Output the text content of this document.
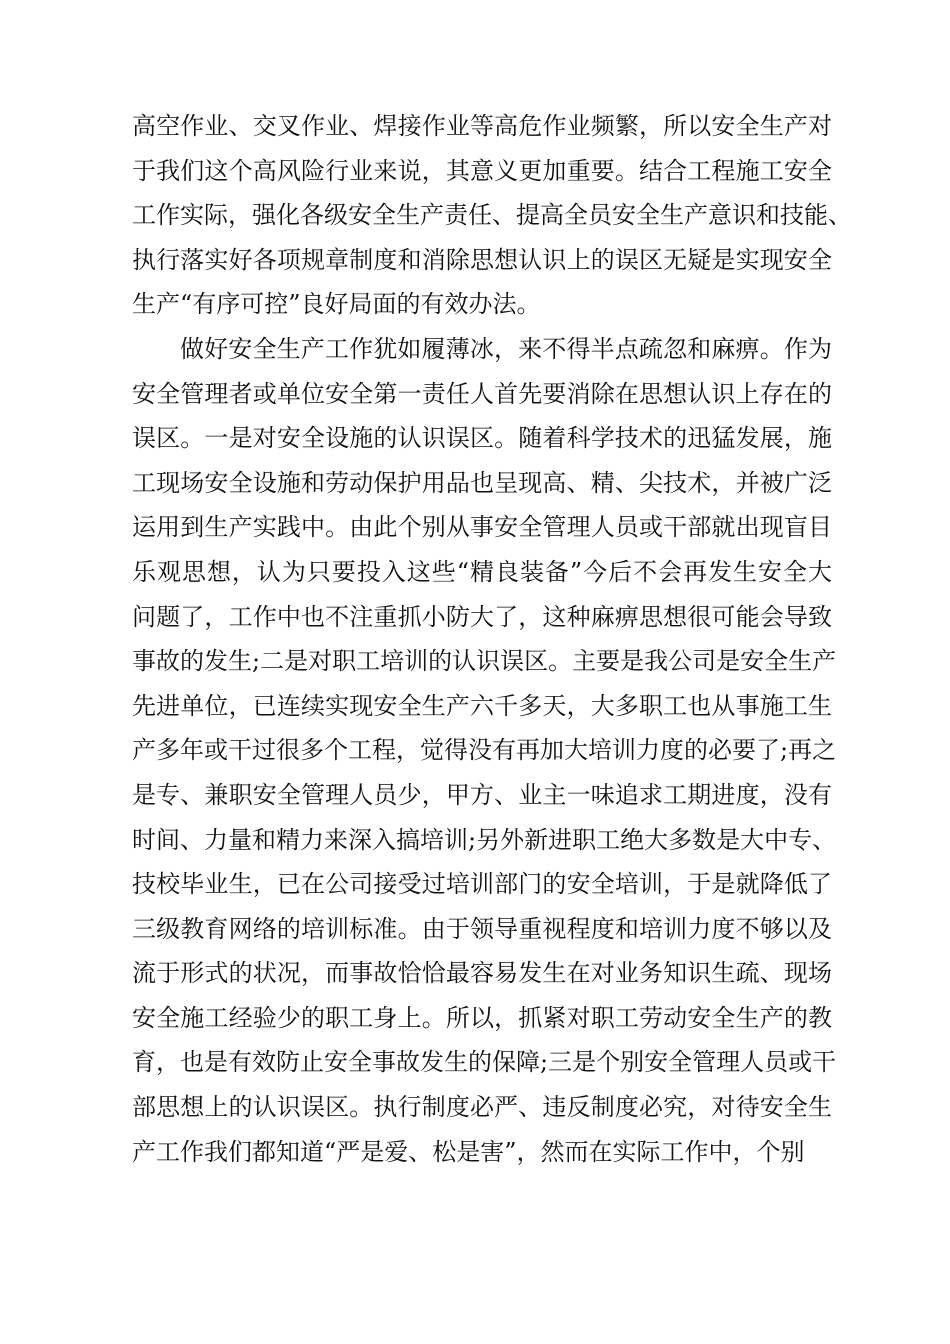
高空作业、交叉作业、焊接作业等高危作业频繁，所以安全生产对
于我们这个高风险行业来说，其意义更加重要。结合工程施工安全
工作实际，强化各级安全生产责任、提高全员安全生产意识和技能、
执行落实好各项规章制度和消除思想认识上的误区无疑是实现安全
生产“有序可控”良好局面的有效办法。
做好安全生产工作犹如履薄冰，来不得半点疏忽和麻痹。作为
安全管理者或单位安全第一责任人首先要消除在思想认识上存在的
误区。一是对安全设施的认识误区。随着科学技术的迅猛发展，施
工现场安全设施和劳动保护用品也呈现高、精、尖技术，并被广泛
运用到生产实践中。由此个别从事安全管理人员或干部就出现盲目
乐观思想，认为只要投入这些“精良装备”今后不会再发生安全大
问题了，工作中也不注重抓小防大了，这种麻痹思想很可能会导致
事故的发生;二是对职工培训的认识误区。主要是我公司是安全生产
先进单位，已连续实现安全生产六千多天，大多职工也从事施工生
产多年或干过很多个工程，觉得没有再加大培训力度的必要了;再之
是专、兼职安全管理人员少，甲方、业主一味追求工期进度，没有
时间、力量和精力来深入搞培训;另外新进职工绝大多数是大中专、
技校毕业生，已在公司接受过培训部门的安全培训，于是就降低了
三级教育网络的培训标准。由于领导重视程度和培训力度不够以及
流于形式的状况，而事故恰恰最容易发生在对业务知识生疏、现场
安全施工经验少的职工身上。所以，抓紧对职工劳动安全生产的教
育，也是有效防止安全事故发生的保障;三是个别安全管理人员或干
部思想上的认识误区。执行制度必严、违反制度必究，对待安全生
产工作我们都知道“严是爱、松是害”，然而在实际工作中，个别
